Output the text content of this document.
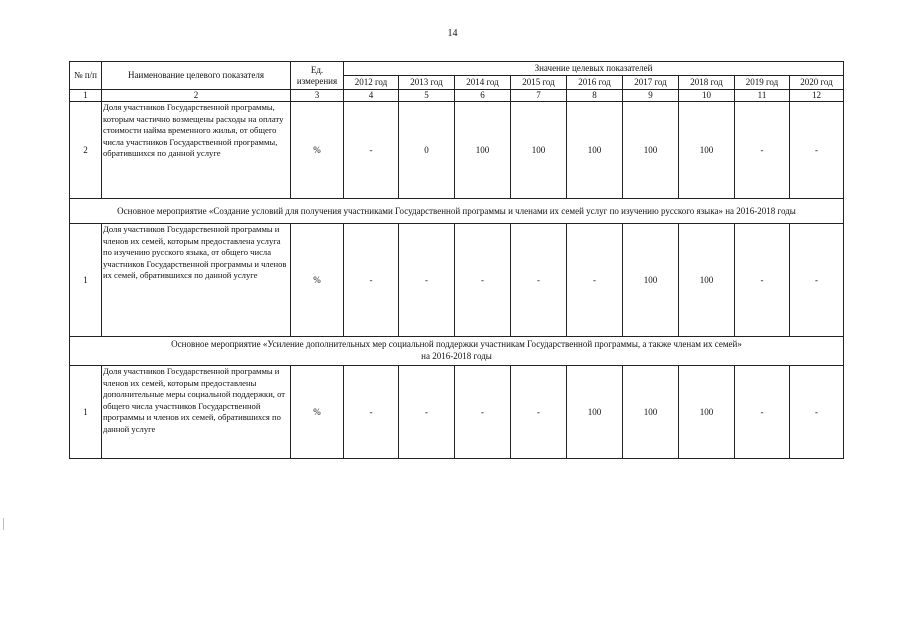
14
№ п/п	Наименование целевого показателя	Ед. измерения	Значение целевых показателей								
			2012 год	2013 год	2014 год	2015 год	2016 год	2017 год	2018 год	2019 год	2020 год
1	2	3	4	5	6	7	8	9	10	11	12
2	Доля участников Государственной программы, которым частично возмещены расходы на оплату стоимости найма временного жилья, от общего числа участников Государственной программы, обратившихся по данной услуге	%	-	0	100	100	100	100	100	-	-
Основное мероприятие «Создание условий для получения участниками Государственной программы и членами их семей услуг по изучению русского языка» на 2016-2018 годы											
1	Доля участников Государственной программы и членов их семей, которым предоставлена услуга по изучению русского языка, от общего числа участников Государственной программы и членов их семей, обратившихся по данной услуге	%	-	-	-	-	-	100	100	-	-

Основное мероприятие «Усиление дополнительных мер социальной поддержки участникам Государственной программы, а также членам их семей»
на 2016-2018 годы											

1	Доля участников Государственной программы и членов их семей, которым предоставлены дополнительные меры социальной поддержки, от общего числа участников Государственной программы и членов их семей, обратившихся по данной услуге	%	-	-	-	-	100	100	100	-	-
